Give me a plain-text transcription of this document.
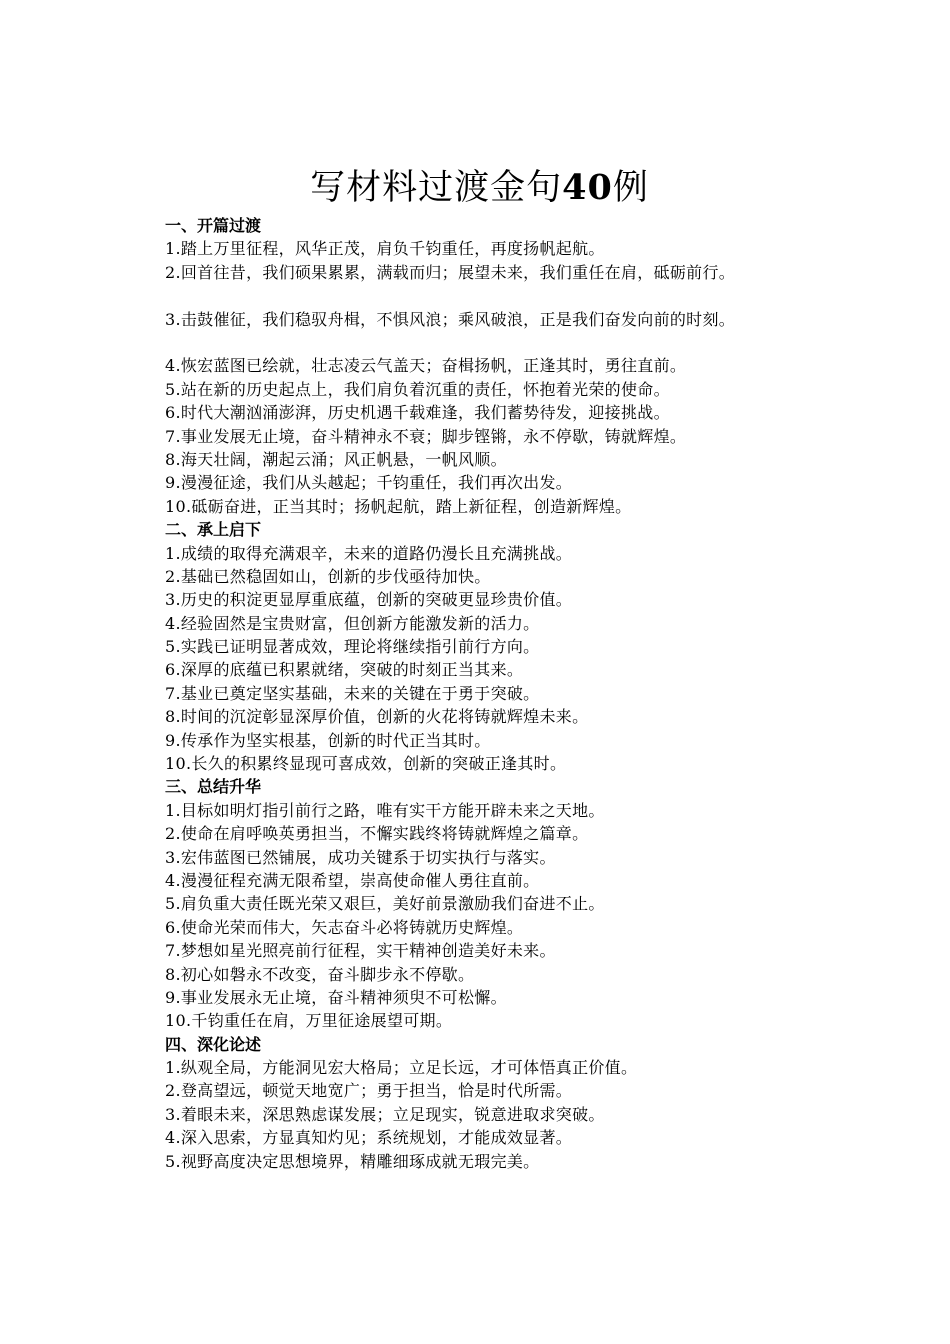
写材料过渡金句40例
一、开篇过渡
1.踏上万里征程，风华正茂，肩负千钧重任，再度扬帆起航。
2.回首往昔，我们硕果累累，满载而归；展望未来，我们重任在肩，砥砺前行。
3.击鼓催征，我们稳驭舟楫，不惧风浪；乘风破浪，正是我们奋发向前的时刻。
4.恢宏蓝图已绘就，壮志凌云气盖天；奋楫扬帆，正逢其时，勇往直前。
5.站在新的历史起点上，我们肩负着沉重的责任，怀抱着光荣的使命。
6.时代大潮汹涌澎湃，历史机遇千载难逢，我们蓄势待发，迎接挑战。
7.事业发展无止境，奋斗精神永不衰；脚步铿锵，永不停歇，铸就辉煌。
8.海天壮阔，潮起云涌；风正帆悬，一帆风顺。
9.漫漫征途，我们从头越起；千钧重任，我们再次出发。
10.砥砺奋进，正当其时；扬帆起航，踏上新征程，创造新辉煌。
二、承上启下
1.成绩的取得充满艰辛，未来的道路仍漫长且充满挑战。
2.基础已然稳固如山，创新的步伐亟待加快。
3.历史的积淀更显厚重底蕴，创新的突破更显珍贵价值。
4.经验固然是宝贵财富，但创新方能激发新的活力。
5.实践已证明显著成效，理论将继续指引前行方向。
6.深厚的底蕴已积累就绪，突破的时刻正当其来。
7.基业已奠定坚实基础，未来的关键在于勇于突破。
8.时间的沉淀彰显深厚价值，创新的火花将铸就辉煌未来。
9.传承作为坚实根基，创新的时代正当其时。
10.长久的积累终显现可喜成效，创新的突破正逢其时。
三、总结升华
1.目标如明灯指引前行之路，唯有实干方能开辟未来之天地。
2.使命在肩呼唤英勇担当，不懈实践终将铸就辉煌之篇章。
3.宏伟蓝图已然铺展，成功关键系于切实执行与落实。
4.漫漫征程充满无限希望，崇高使命催人勇往直前。
5.肩负重大责任既光荣又艰巨，美好前景激励我们奋进不止。
6.使命光荣而伟大，矢志奋斗必将铸就历史辉煌。
7.梦想如星光照亮前行征程，实干精神创造美好未来。
8.初心如磐永不改变，奋斗脚步永不停歇。
9.事业发展永无止境，奋斗精神须臾不可松懈。
10.千钧重任在肩，万里征途展望可期。
四、深化论述
1.纵观全局，方能洞见宏大格局；立足长远，才可体悟真正价值。
2.登高望远，顿觉天地宽广；勇于担当，恰是时代所需。
3.着眼未来，深思熟虑谋发展；立足现实，锐意进取求突破。
4.深入思索，方显真知灼见；系统规划，才能成效显著。
5.视野高度决定思想境界，精雕细琢成就无瑕完美。
